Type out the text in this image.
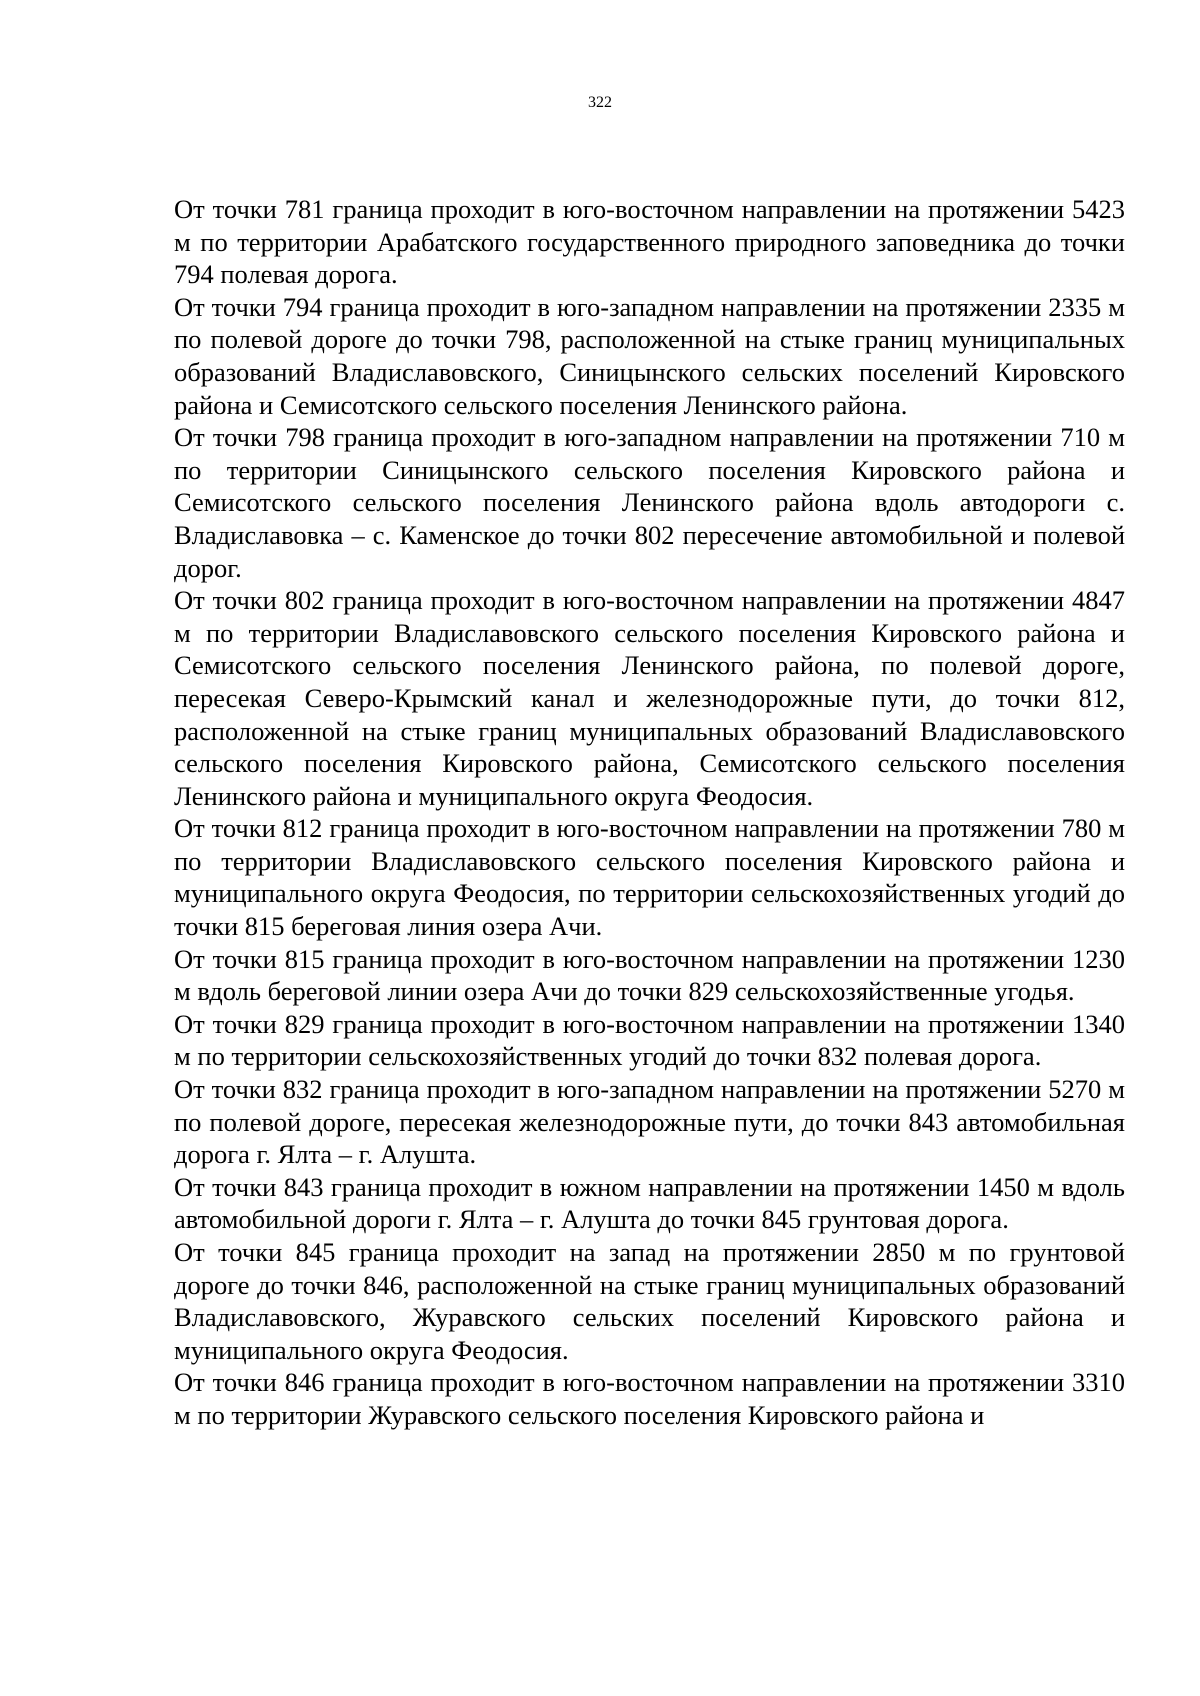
322

От точки 781 граница проходит в юго-восточном направлении на протяжении 5423 м по территории Арабатского государственного природного заповедника до точки 794 полевая дорога.

От точки 794 граница проходит в юго-западном направлении на протяжении 2335 м по полевой дороге до точки 798, расположенной на стыке границ муниципальных образований Владиславовского, Синицынского сельских поселений Кировского района и Семисотского сельского поселения Ленинского района.

От точки 798 граница проходит в юго-западном направлении на протяжении 710 м по территории Синицынского сельского поселения Кировского района и Семисотского сельского поселения Ленинского района вдоль автодороги с. Владиславовка – с. Каменское до точки 802 пересечение автомобильной и полевой дорог.

От точки 802 граница проходит в юго-восточном направлении на протяжении 4847 м по территории Владиславовского сельского поселения Кировского района и Семисотского сельского поселения Ленинского района, по полевой дороге, пересекая Северо-Крымский канал и железнодорожные пути, до точки 812, расположенной на стыке границ муниципальных образований Владиславовского сельского поселения Кировского района, Семисотского сельского поселения Ленинского района и муниципального округа Феодосия.

От точки 812 граница проходит в юго-восточном направлении на протяжении 780 м по территории Владиславовского сельского поселения Кировского района и муниципального округа Феодосия, по территории сельскохозяйственных угодий до точки 815 береговая линия озера Ачи.

От точки 815 граница проходит в юго-восточном направлении на протяжении 1230 м вдоль береговой линии озера Ачи до точки 829 сельскохозяйственные угодья.

От точки 829 граница проходит в юго-восточном направлении на протяжении 1340 м по территории сельскохозяйственных угодий до точки 832 полевая дорога.

От точки 832 граница проходит в юго-западном направлении на протяжении 5270 м по полевой дороге, пересекая железнодорожные пути, до точки 843 автомобильная дорога г. Ялта – г. Алушта.

От точки 843 граница проходит в южном направлении на протяжении 1450 м вдоль автомобильной дороги г. Ялта – г. Алушта до точки 845 грунтовая дорога.

От точки 845 граница проходит на запад на протяжении 2850 м по грунтовой дороге до точки 846, расположенной на стыке границ муниципальных образований Владиславовского, Журавского сельских поселений Кировского района и муниципального округа Феодосия.

От точки 846 граница проходит в юго-восточном направлении на протяжении 3310 м по территории Журавского сельского поселения Кировского района и
